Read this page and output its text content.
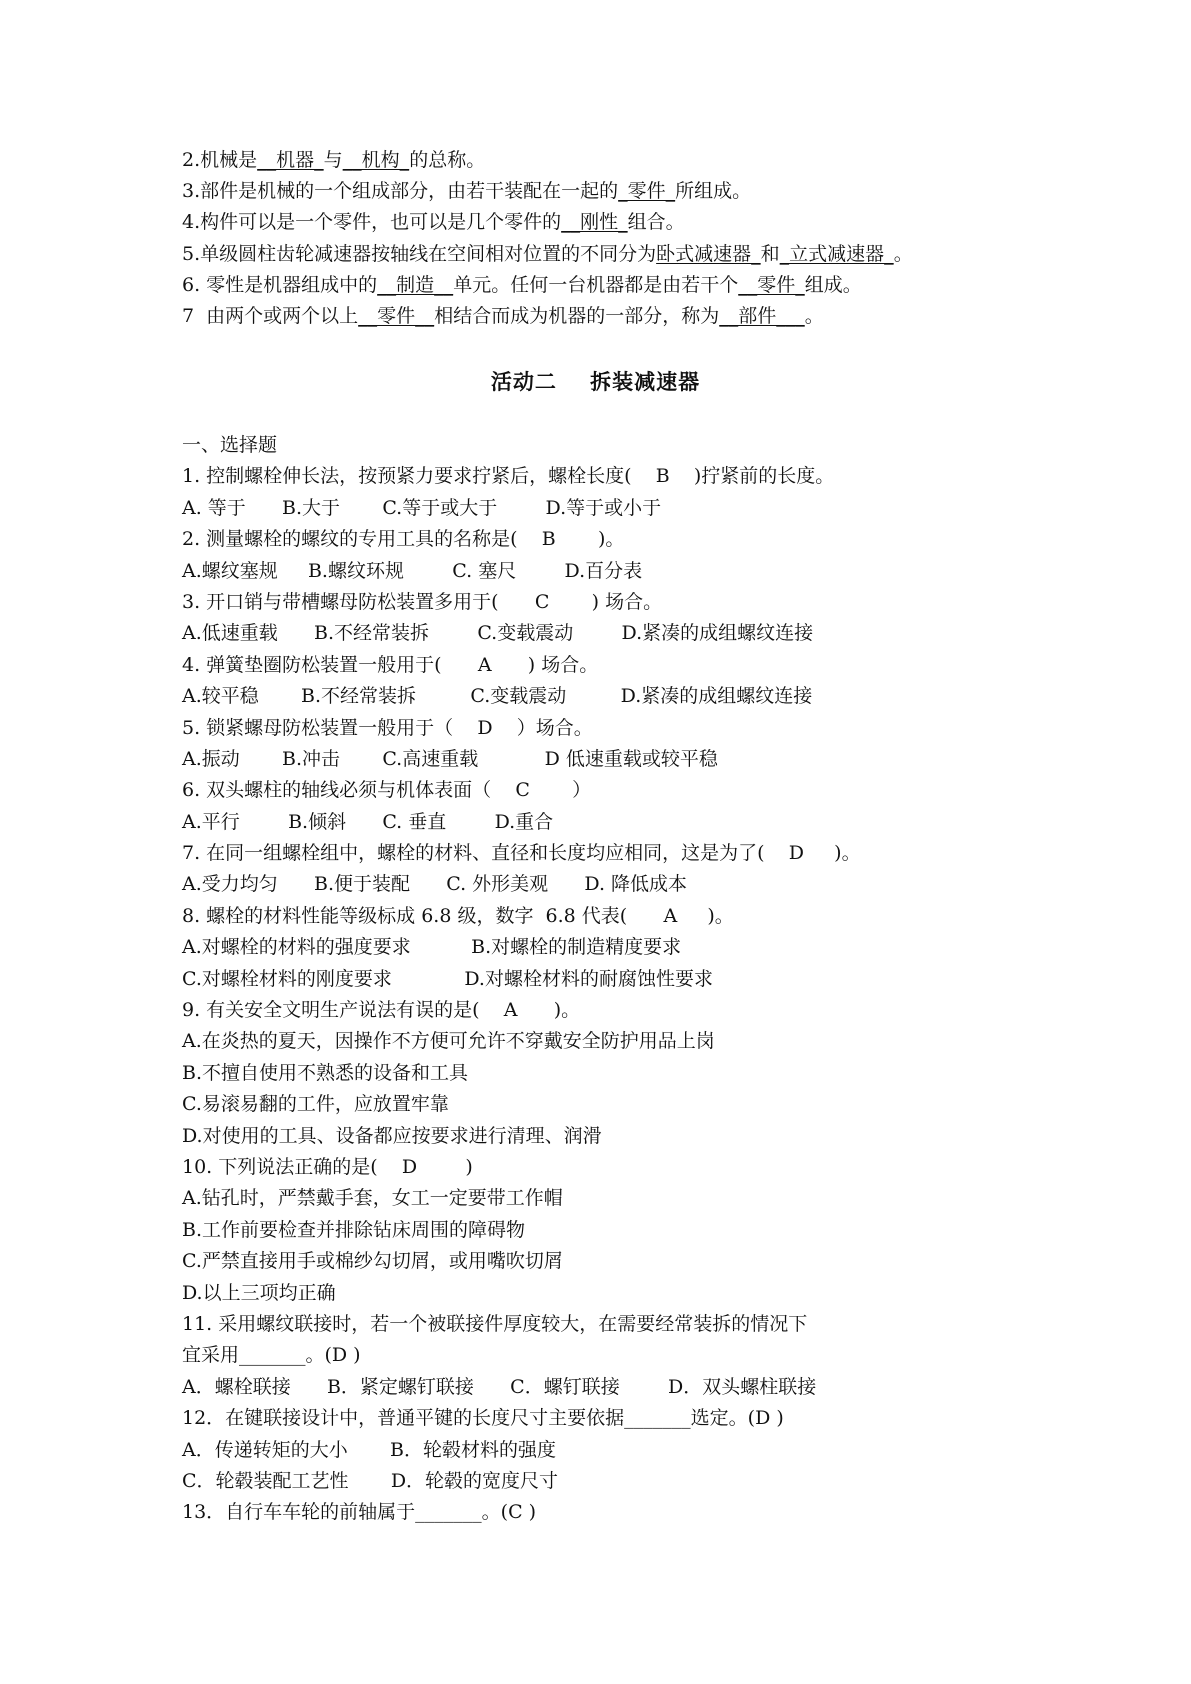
2.机械是__机器_与__机构_的总称。
3.部件是机械的一个组成部分，由若干装配在一起的_零件_所组成。
4.构件可以是一个零件，也可以是几个零件的__刚性_组合。
5.单级圆柱齿轮减速器按轴线在空间相对位置的不同分为卧式减速器_和_立式减速器_。
6. 零性是机器组成中的__制造__单元。任何一台机器都是由若干个__零件_组成。
7  由两个或两个以上__零件__相结合而成为机器的一部分，称为__部件___。
活动二    拆装减速器
一、选择题
1. 控制螺栓伸长法，按预紧力要求拧紧后，螺栓长度(    B    )拧紧前的长度。
A. 等于      B.大于       C.等于或大于        D.等于或小于
2. 测量螺栓的螺纹的专用工具的名称是(    B       )。
A.螺纹塞规     B.螺纹环规        C. 塞尺        D.百分表
3. 开口销与带槽螺母防松装置多用于(      C       ) 场合。
A.低速重载      B.不经常装拆        C.变载震动        D.紧凑的成组螺纹连接
4. 弹簧垫圈防松装置一般用于(      A      ) 场合。
A.较平稳       B.不经常装拆         C.变载震动         D.紧凑的成组螺纹连接
5. 锁紧螺母防松装置一般用于（    D    ）场合。
A.振动       B.冲击       C.高速重载           D 低速重载或较平稳
6. 双头螺柱的轴线必须与机体表面（    C       ）
A.平行        B.倾斜      C. 垂直        D.重合
7. 在同一组螺栓组中，螺栓的材料、直径和长度均应相同，这是为了(    D     )。
A.受力均匀      B.便于装配      C. 外形美观      D. 降低成本
8. 螺栓的材料性能等级标成 6.8 级，数字  6.8 代表(      A     )。
A.对螺栓的材料的强度要求          B.对螺栓的制造精度要求
C.对螺栓材料的刚度要求            D.对螺栓材料的耐腐蚀性要求
9. 有关安全文明生产说法有误的是(    A      )。
A.在炎热的夏天，因操作不方便可允许不穿戴安全防护用品上岗
B.不擅自使用不熟悉的设备和工具
C.易滚易翻的工件，应放置牢靠
D.对使用的工具、设备都应按要求进行清理、润滑
10. 下列说法正确的是(    D        )
A.钻孔时，严禁戴手套，女工一定要带工作帽
B.工作前要检查并排除钻床周围的障碍物
C.严禁直接用手或棉纱勾切屑，或用嘴吹切屑
D.以上三项均正确
11. 采用螺纹联接时，若一个被联接件厚度较大，在需要经常装拆的情况下
宜采用_______。(D )
A．螺栓联接      B．紧定螺钉联接      C．螺钉联接        D．双头螺柱联接
12．在键联接设计中，普通平键的长度尺寸主要依据_______选定。(D )
A．传递转矩的大小       B．轮毂材料的强度
C．轮毂装配工艺性       D．轮毂的宽度尺寸
13．自行车车轮的前轴属于_______。(C )
